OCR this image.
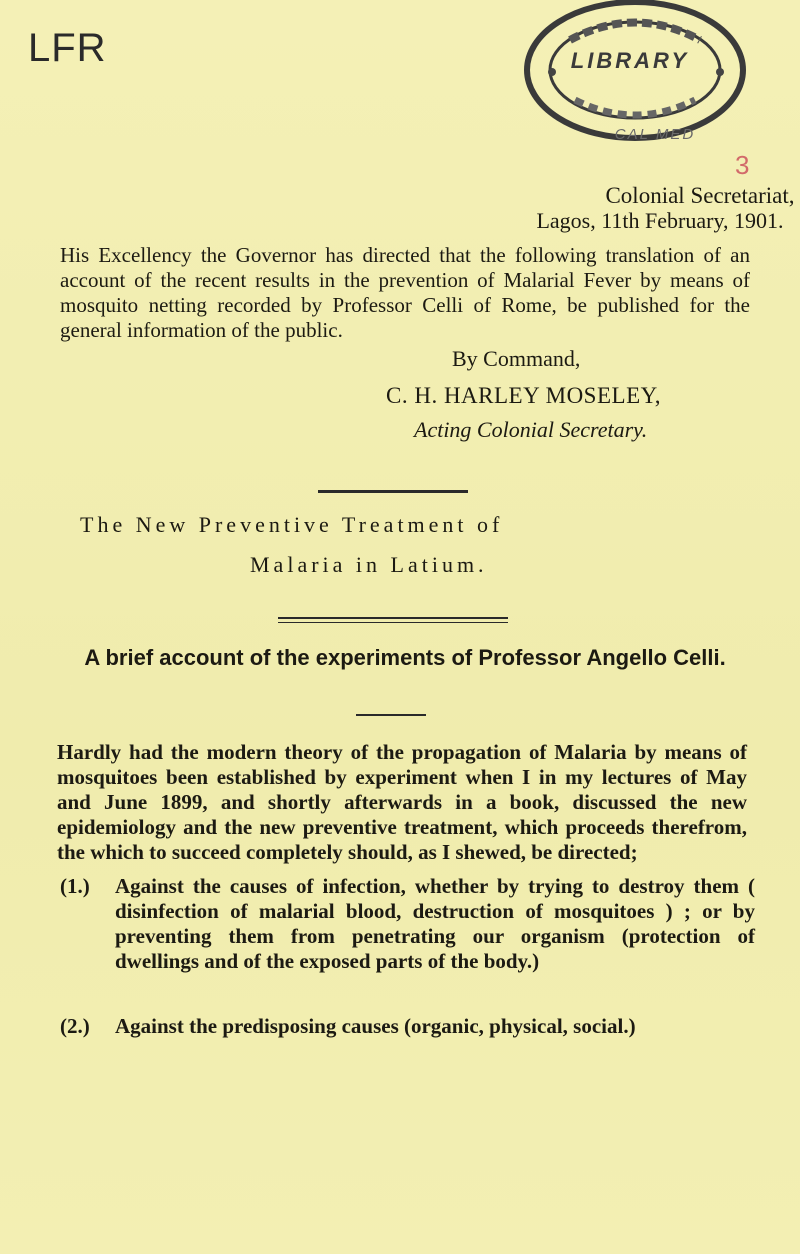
LFR	LIBRARY
CAL MED
3
Colonial Secretariat,
Lagos, 11th February, 1901.
His Excellency the Governor has directed that the following translation of an account of the recent results in the prevention of Malarial Fever by means of mosquito netting recorded by Professor Celli of Rome, be published for the general information of the public.
By Command,
C. H. HARLEY MOSELEY,
Acting Colonial Secretary.
The New Preventive Treatment of
Malaria in Latium.
A brief account of the experiments of Professor Angello Celli.
Hardly had the modern theory of the propagation of Malaria by means of mosquitoes been established by experiment when I in my lectures of May and June 1899, and shortly afterwards in a book, discussed the new epidemiology and the new preventive treatment, which proceeds therefrom, the which to succeed completely should, as I shewed, be directed;
(1.) Against the causes of infection, whether by trying to destroy them ( disinfection of malarial blood, destruction of mosquitoes ) ; or by preventing them from penetrating our organism (protection of dwellings and of the exposed parts of the body.)
(2.) Against the predisposing causes (organic, physical, social.)
